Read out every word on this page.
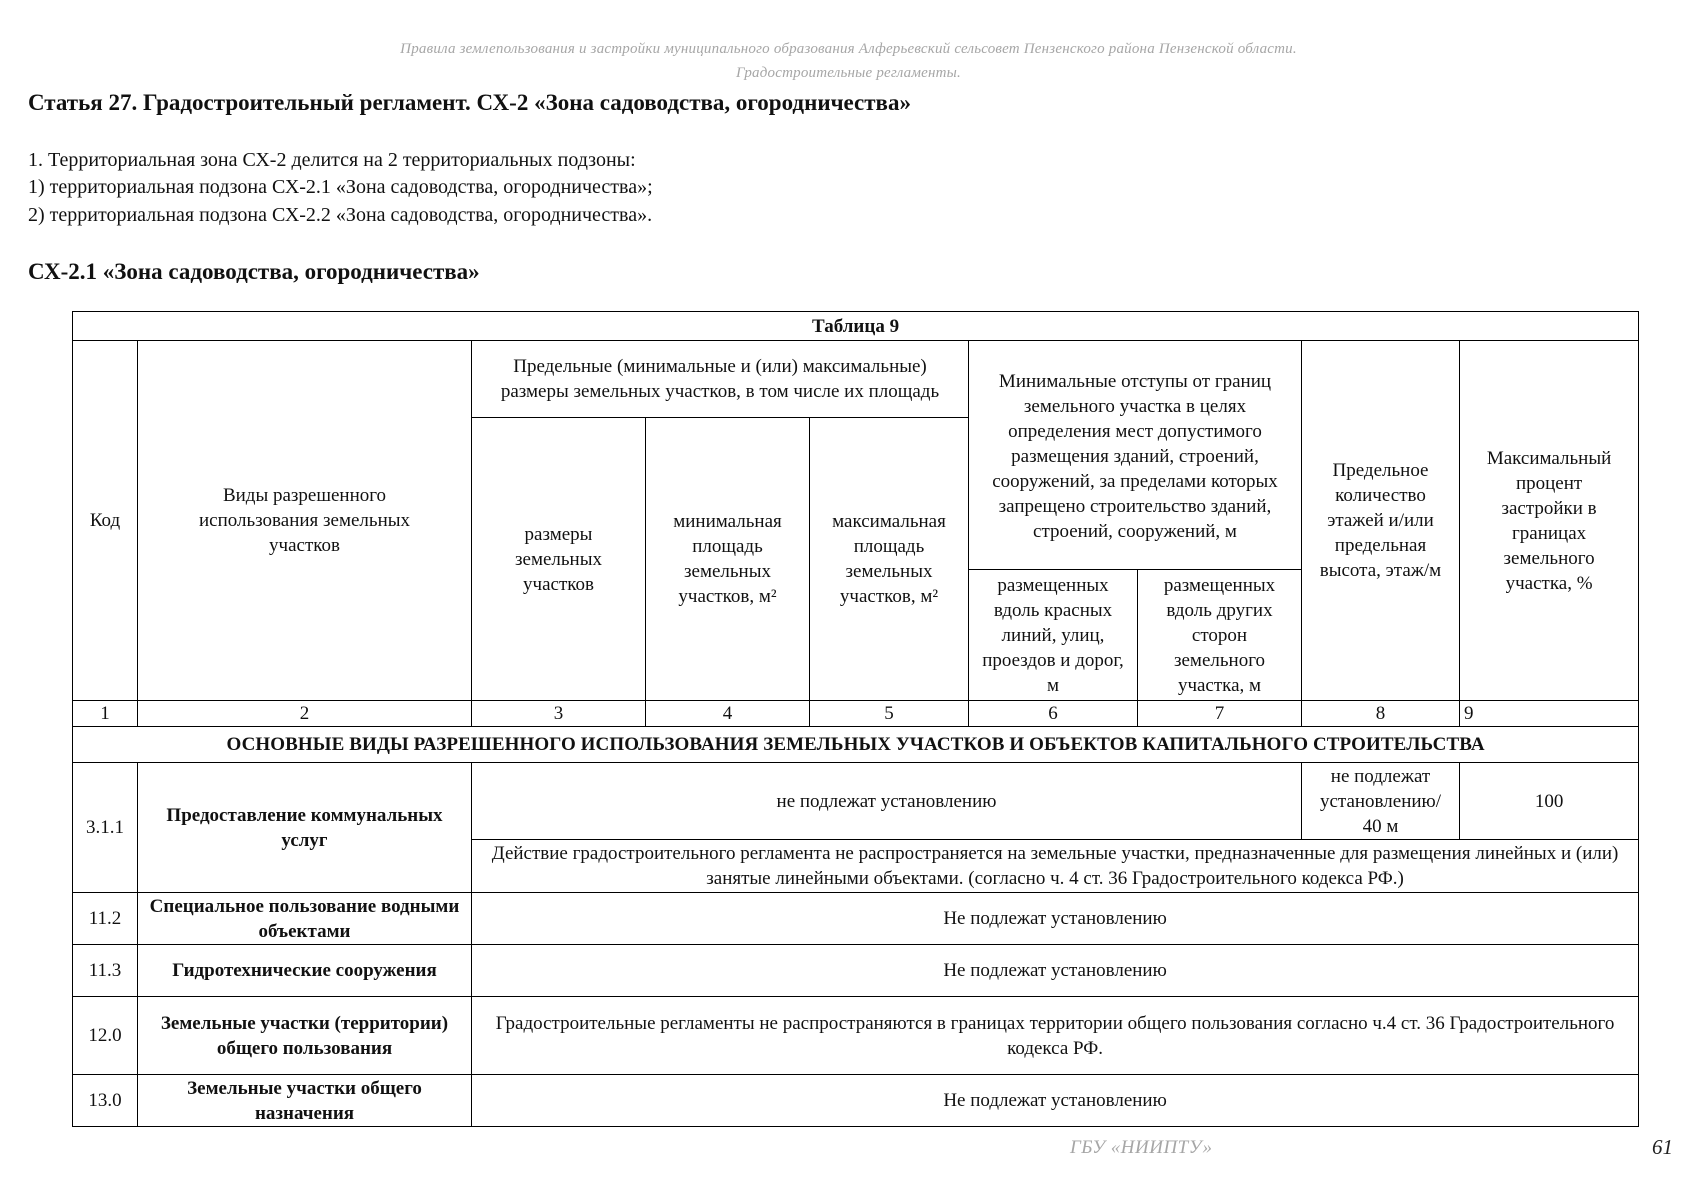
Правила землепользования и застройки муниципального образования Алферьевский сельсовет Пензенского района Пензенской области.
Градостроительные регламенты.
Статья 27. Градостроительный регламент. СХ-2 «Зона садоводства, огородничества»
1. Территориальная зона СХ-2 делится на 2 территориальных подзоны:
1) территориальная подзона СХ-2.1 «Зона садоводства, огородничества»;
2) территориальная подзона СХ-2.2 «Зона садоводства, огородничества».
СХ-2.1 «Зона садоводства, огородничества»
Таблица 9								
Код	Виды разрешенного использования земельных участков	Предельные (минимальные и (или) максимальные) размеры земельных участков, в том числе их площадь			Минимальные отступы от границ земельного участка в целях определения мест допустимого размещения зданий, строений, сооружений, за пределами которых запрещено строительство зданий, строений, сооружений, м		Предельное количество этажей и/или предельная высота, этаж/м	Максимальный процент застройки в границах земельного участка, %
		размеры земельных участков	минимальная площадь земельных участков, м²	максимальная площадь земельных участков, м²				
					размещенных вдоль красных линий, улиц, проездов и дорог, м	размещенных вдоль других сторон земельного участка, м		
1	2	3	4	5	6	7	8	9
ОСНОВНЫЕ ВИДЫ РАЗРЕШЕННОГО ИСПОЛЬЗОВАНИЯ ЗЕМЕЛЬНЫХ УЧАСТКОВ И ОБЪЕКТОВ КАПИТАЛЬНОГО СТРОИТЕЛЬСТВА								
3.1.1	Предоставление коммунальных услуг	не подлежат установлению					не подлежат установлению/ 40 м	100
		Действие градостроительного регламента не распространяется на земельные участки, предназначенные для размещения линейных и (или) занятые линейными объектами. (согласно ч. 4 ст. 36 Градостроительного кодекса РФ.)						
11.2	Специальное пользование водными объектами	Не подлежат установлению						
11.3	Гидротехнические сооружения	Не подлежат установлению						
12.0	Земельные участки (территории) общего пользования	Градостроительные регламенты не распространяются в границах территории общего пользования согласно ч.4 ст. 36 Градостроительного кодекса РФ.						
13.0	Земельные участки общего назначения	Не подлежат установлению						
ГБУ «НИИПТУ»	61
